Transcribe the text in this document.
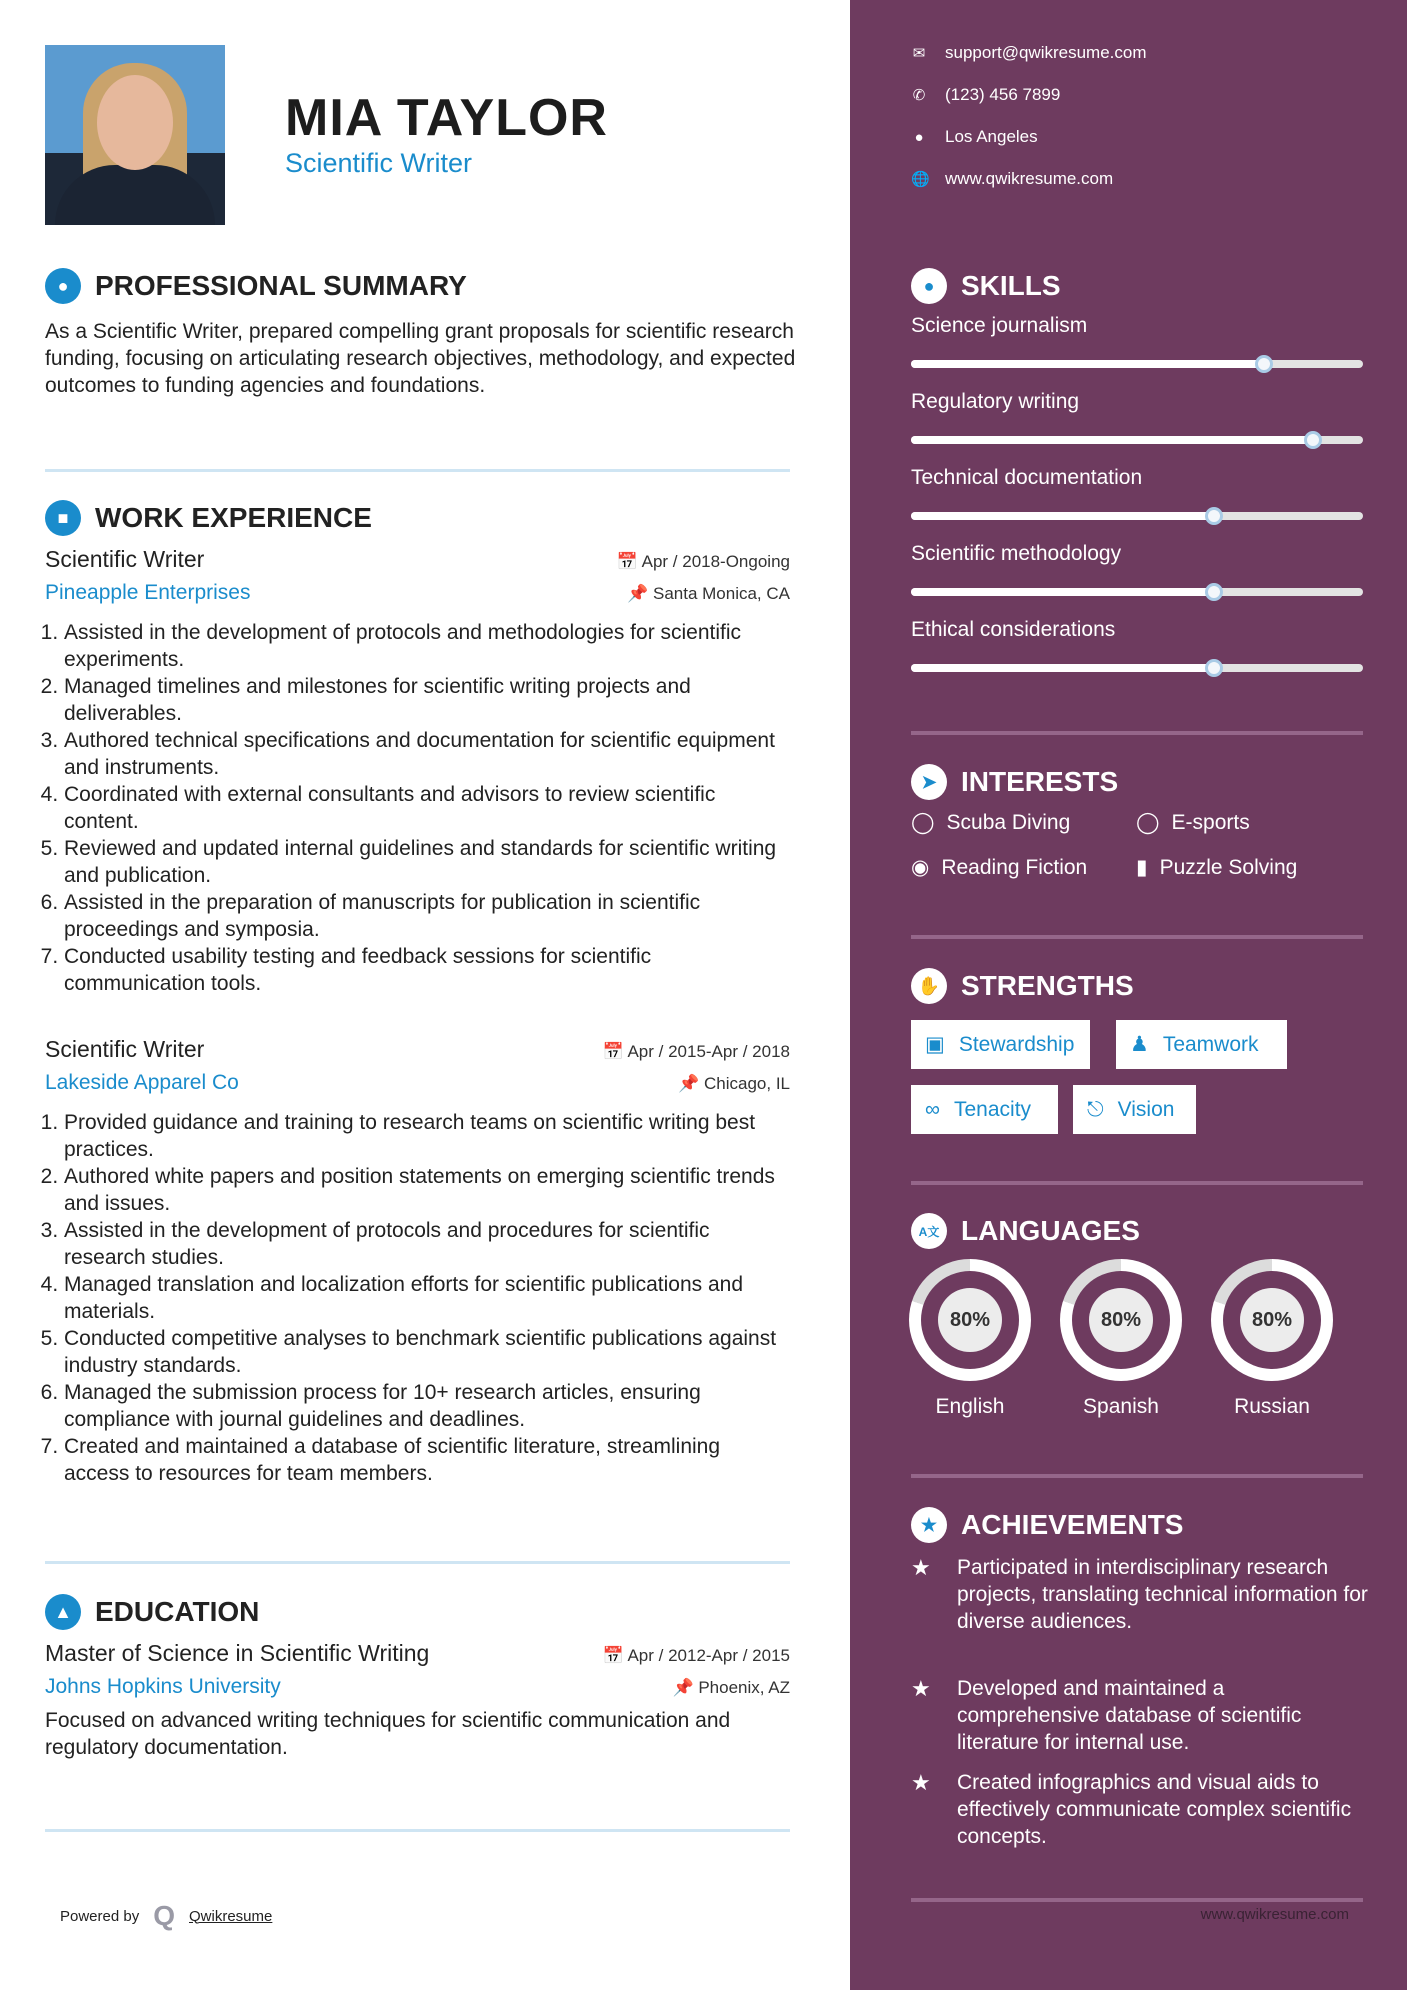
MIA TAYLOR
Scientific Writer
● PROFESSIONAL SUMMARY

As a Scientific Writer, prepared compelling grant proposals for scientific research funding, focusing on articulating research objectives, methodology, and expected outcomes to funding agencies and foundations.

■ WORK EXPERIENCE
Scientific Writer	📅 Apr / 2018-Ongoing
Pineapple Enterprises	📌 Santa Monica, CA
1. Assisted in the development of protocols and methodologies for scientific experiments.
2. Managed timelines and milestones for scientific writing projects and deliverables.
3. Authored technical specifications and documentation for scientific equipment and instruments.
4. Coordinated with external consultants and advisors to review scientific content.
5. Reviewed and updated internal guidelines and standards for scientific writing and publication.
6. Assisted in the preparation of manuscripts for publication in scientific proceedings and symposia.
7. Conducted usability testing and feedback sessions for scientific communication tools.
Scientific Writer	📅 Apr / 2015-Apr / 2018
Lakeside Apparel Co	📌 Chicago, IL
1. Provided guidance and training to research teams on scientific writing best practices.
2. Authored white papers and position statements on emerging scientific trends and issues.
3. Assisted in the development of protocols and procedures for scientific research studies.
4. Managed translation and localization efforts for scientific publications and materials.
5. Conducted competitive analyses to benchmark scientific publications against industry standards.
6. Managed the submission process for 10+ research articles, ensuring compliance with journal guidelines and deadlines.
7. Created and maintained a database of scientific literature, streamlining access to resources for team members.
▲ EDUCATION
Master of Science in Scientific Writing	📅 Apr / 2012-Apr / 2015
Johns Hopkins University	📌 Phoenix, AZ

Focused on advanced writing techniques for scientific communication and regulatory documentation.

Powered by Q Qwikresume
✉ support@qwikresume.com
✆ (123) 456 7899
● Los Angeles
🌐 www.qwikresume.com
● SKILLS
Science journalism
Regulatory writing
Technical documentation
Scientific methodology
Ethical considerations
➤ INTERESTS
◯ Scuba Diving	◯ E-sports
◉ Reading Fiction ▮ Puzzle Solving
✋ STRENGTHS
▣ Stewardship	♟ Teamwork
∞ Tenacity	⎋ Vision
A文 LANGUAGES
80%
English
80%
Spanish
80%
Russian
★ ACHIEVEMENTS
★	Participated in interdisciplinary research projects, translating technical information for diverse audiences.
★	Developed and maintained a comprehensive database of scientific literature for internal use.
★	Created infographics and visual aids to effectively communicate complex scientific concepts.
www.qwikresume.com
